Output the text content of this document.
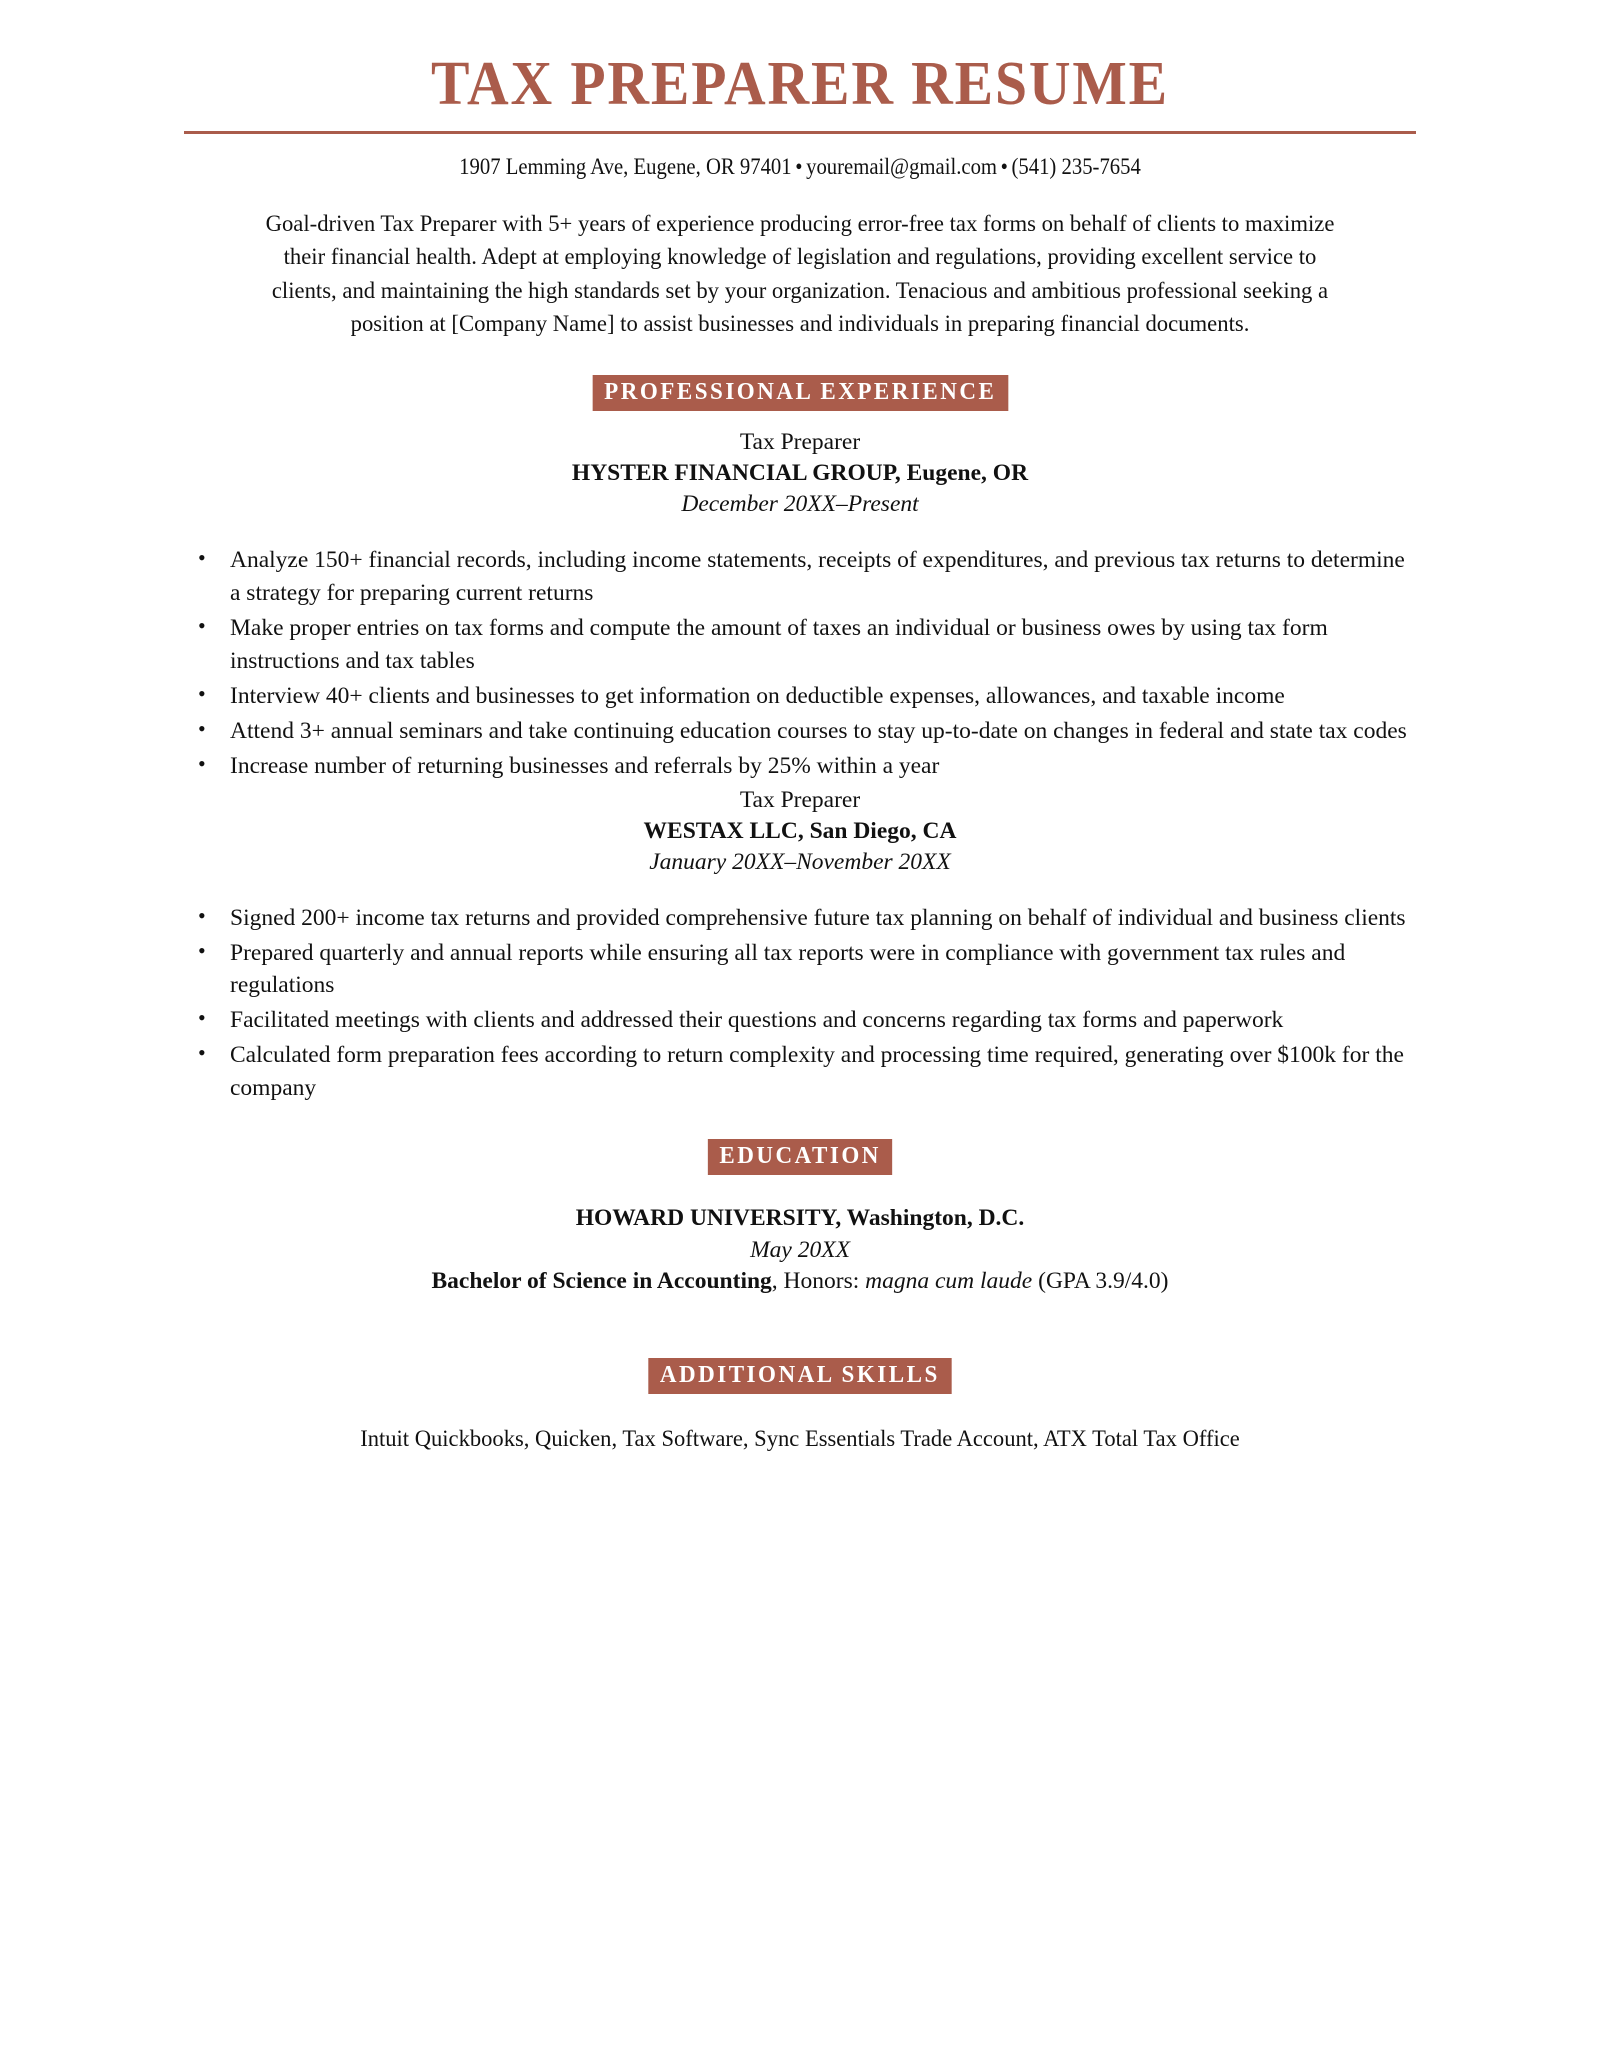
TAX PREPARER RESUME
1907 Lemming Ave, Eugene, OR 97401 • youremail@gmail.com • (541) 235-7654

Goal-driven Tax Preparer with 5+ years of experience producing error-free tax forms on behalf of clients to maximize their financial health. Adept at employing knowledge of legislation and regulations, providing excellent service to clients, and maintaining the high standards set by your organization. Tenacious and ambitious professional seeking a position at [Company Name] to assist businesses and individuals in preparing financial documents.

PROFESSIONAL EXPERIENCE
Tax Preparer
HYSTER FINANCIAL GROUP, Eugene, OR
December 20XX–Present
• Analyze 150+ financial records, including income statements, receipts of expenditures, and previous tax returns to determine a strategy for preparing current returns
• Make proper entries on tax forms and compute the amount of taxes an individual or business owes by using tax form instructions and tax tables
• Interview 40+ clients and businesses to get information on deductible expenses, allowances, and taxable income
• Attend 3+ annual seminars and take continuing education courses to stay up-to-date on changes in federal and state tax codes
• Increase number of returning businesses and referrals by 25% within a year
Tax Preparer
WESTAX LLC, San Diego, CA
January 20XX–November 20XX
• Signed 200+ income tax returns and provided comprehensive future tax planning on behalf of individual and business clients
• Prepared quarterly and annual reports while ensuring all tax reports were in compliance with government tax rules and regulations
• Facilitated meetings with clients and addressed their questions and concerns regarding tax forms and paperwork
• Calculated form preparation fees according to return complexity and processing time required, generating over $100k for the company
EDUCATION
HOWARD UNIVERSITY, Washington, D.C.
May 20XX
Bachelor of Science in Accounting, Honors: magna cum laude (GPA 3.9/4.0)
ADDITIONAL SKILLS
Intuit Quickbooks, Quicken, Tax Software, Sync Essentials Trade Account, ATX Total Tax Office
